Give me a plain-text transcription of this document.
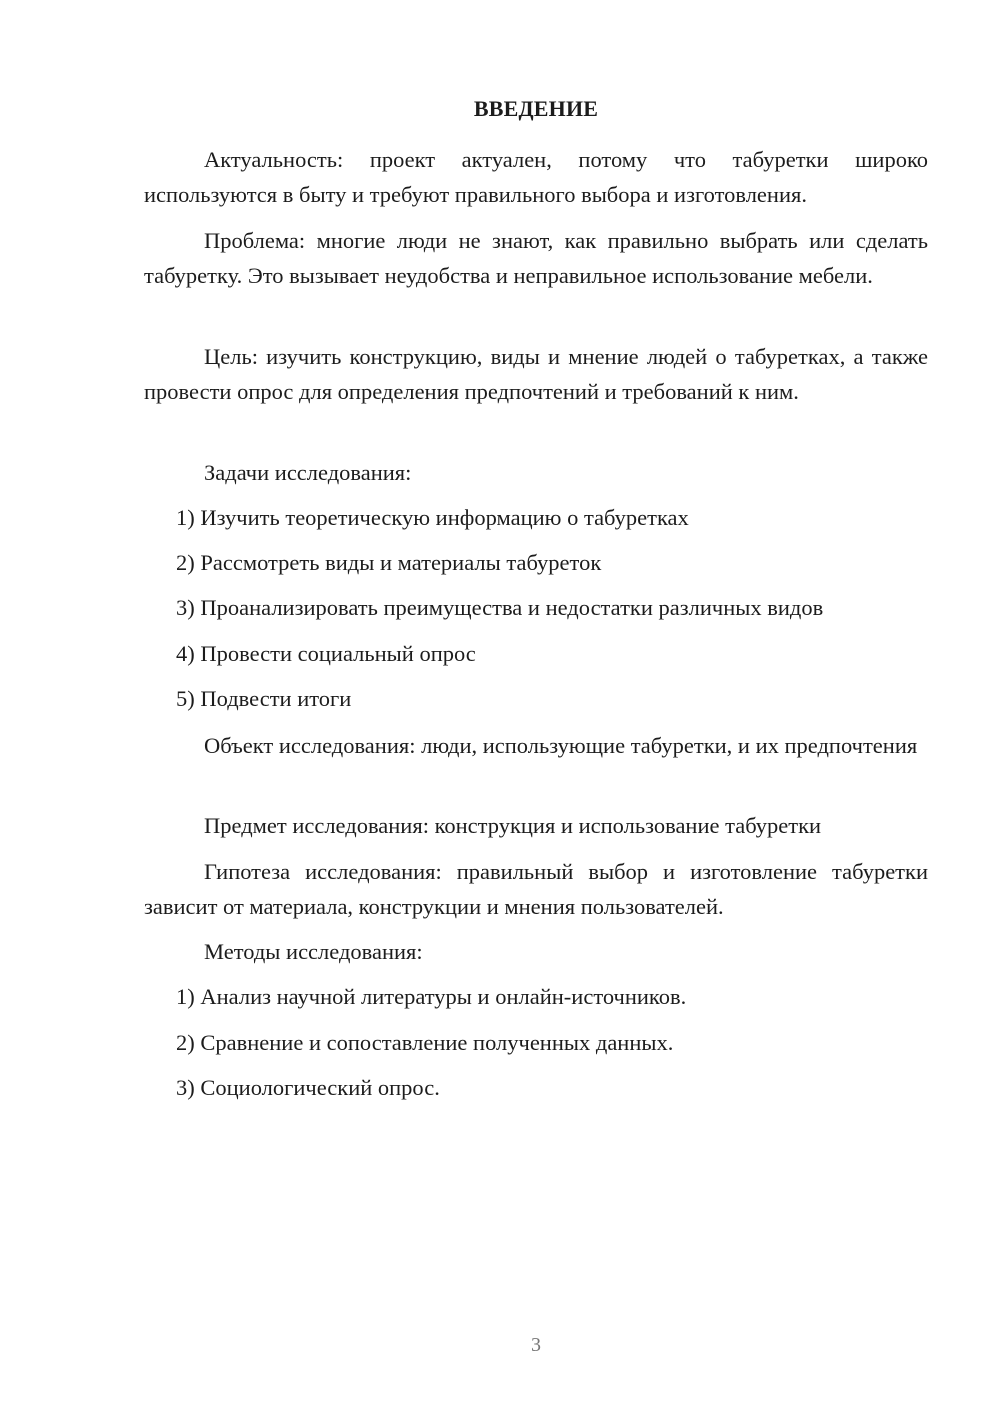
ВВЕДЕНИЕ
Актуальность: проект актуален, потому что табуретки широко используются в быту и требуют правильного выбора и изготовления.
Проблема: многие люди не знают, как правильно выбрать или сделать табуретку. Это вызывает неудобства и неправильное использование мебели.
Цель: изучить конструкцию, виды и мнение людей о табуретках, а также провести опрос для определения предпочтений и требований к ним.
Задачи исследования:
1) Изучить теоретическую информацию о табуретках
2) Рассмотреть виды и материалы табуреток
3) Проанализировать преимущества и недостатки различных видов
4) Провести социальный опрос
5) Подвести итоги
Объект исследования: люди, использующие табуретки, и их предпочтения
Предмет исследования: конструкция и использование табуретки
Гипотеза исследования: правильный выбор и изготовление табуретки зависит от материала, конструкции и мнения пользователей.
Методы исследования:
1) Анализ научной литературы и онлайн-источников.
2) Сравнение и сопоставление полученных данных.
3) Социологический опрос.
3
